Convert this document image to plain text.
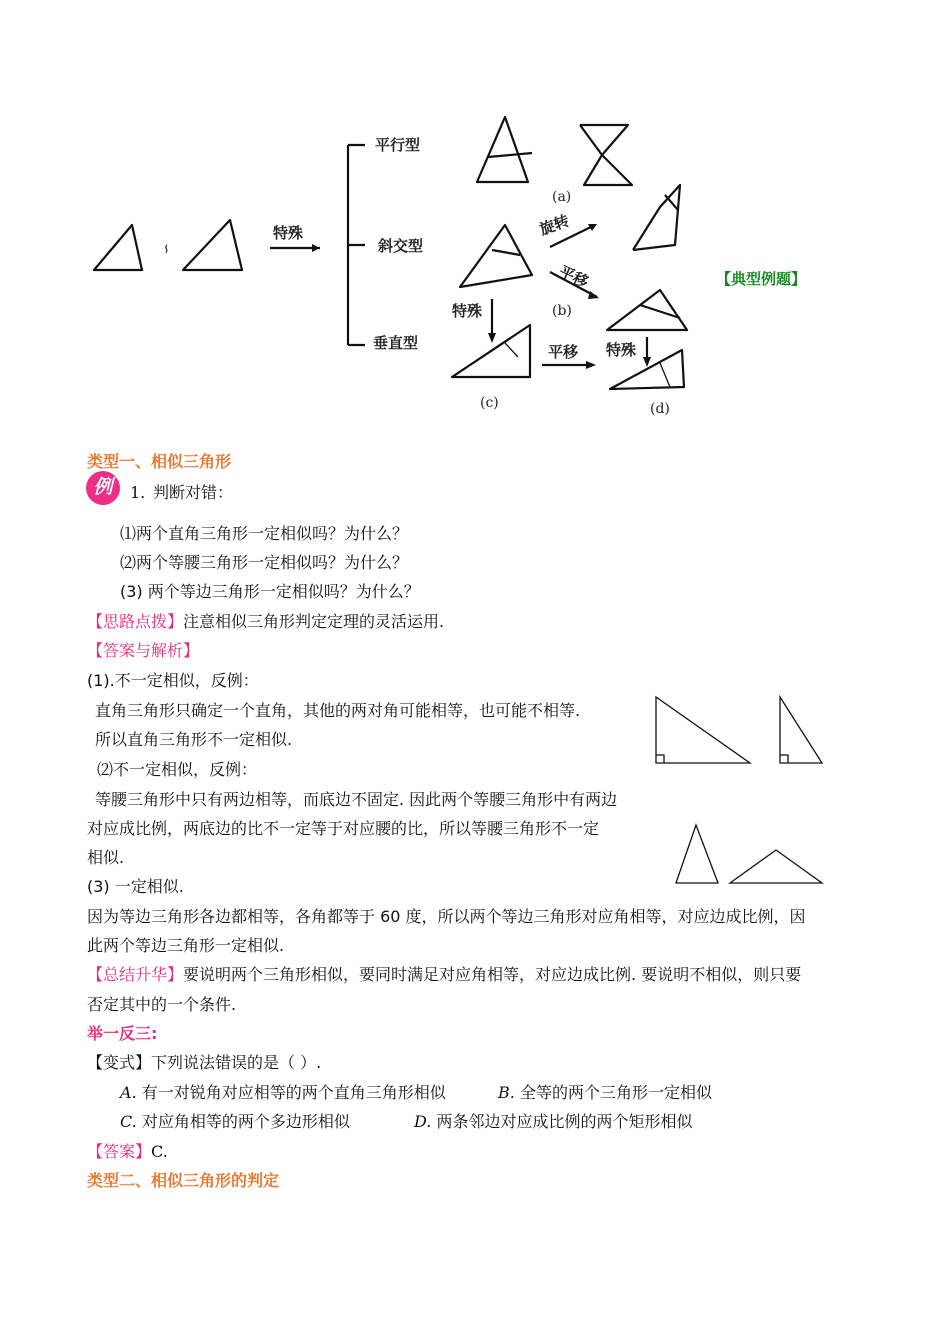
∽
特殊
平行型
斜交型
垂直型
(a)
旋转
平移
(b)
特殊
(c)
平移 特殊
(d)
【典型例题】
类型一、相似三角形
例	1. 判断对错：
⑴两个直角三角形一定相似吗？为什么？
⑵两个等腰三角形一定相似吗？为什么？
(3) 两个等边三角形一定相似吗？为什么？
【思路点拨】注意相似三角形判定定理的灵活运用.
【答案与解析】
(1).不一定相似，反例：
直角三角形只确定一个直角，其他的两对角可能相等，也可能不相等.
所以直角三角形不一定相似.
⑵不一定相似，反例：
等腰三角形中只有两边相等，而底边不固定. 因此两个等腰三角形中有两边
对应成比例，两底边的比不一定等于对应腰的比，所以等腰三角形不一定
相似.
(3) 一定相似.
因为等边三角形各边都相等，各角都等于 60 度，所以两个等边三角形对应角相等，对应边成比例，因
此两个等边三角形一定相似.
【总结升华】要说明两个三角形相似，要同时满足对应角相等，对应边成比例. 要说明不相似，则只要
否定其中的一个条件.
举一反三:
【变式】下列说法错误的是（ ）.
A. 有一对锐角对应相等的两个直角三角形相似	B. 全等的两个三角形一定相似
C. 对应角相等的两个多边形相似	D. 两条邻边对应成比例的两个矩形相似
【答案】C.
类型二、相似三角形的判定
